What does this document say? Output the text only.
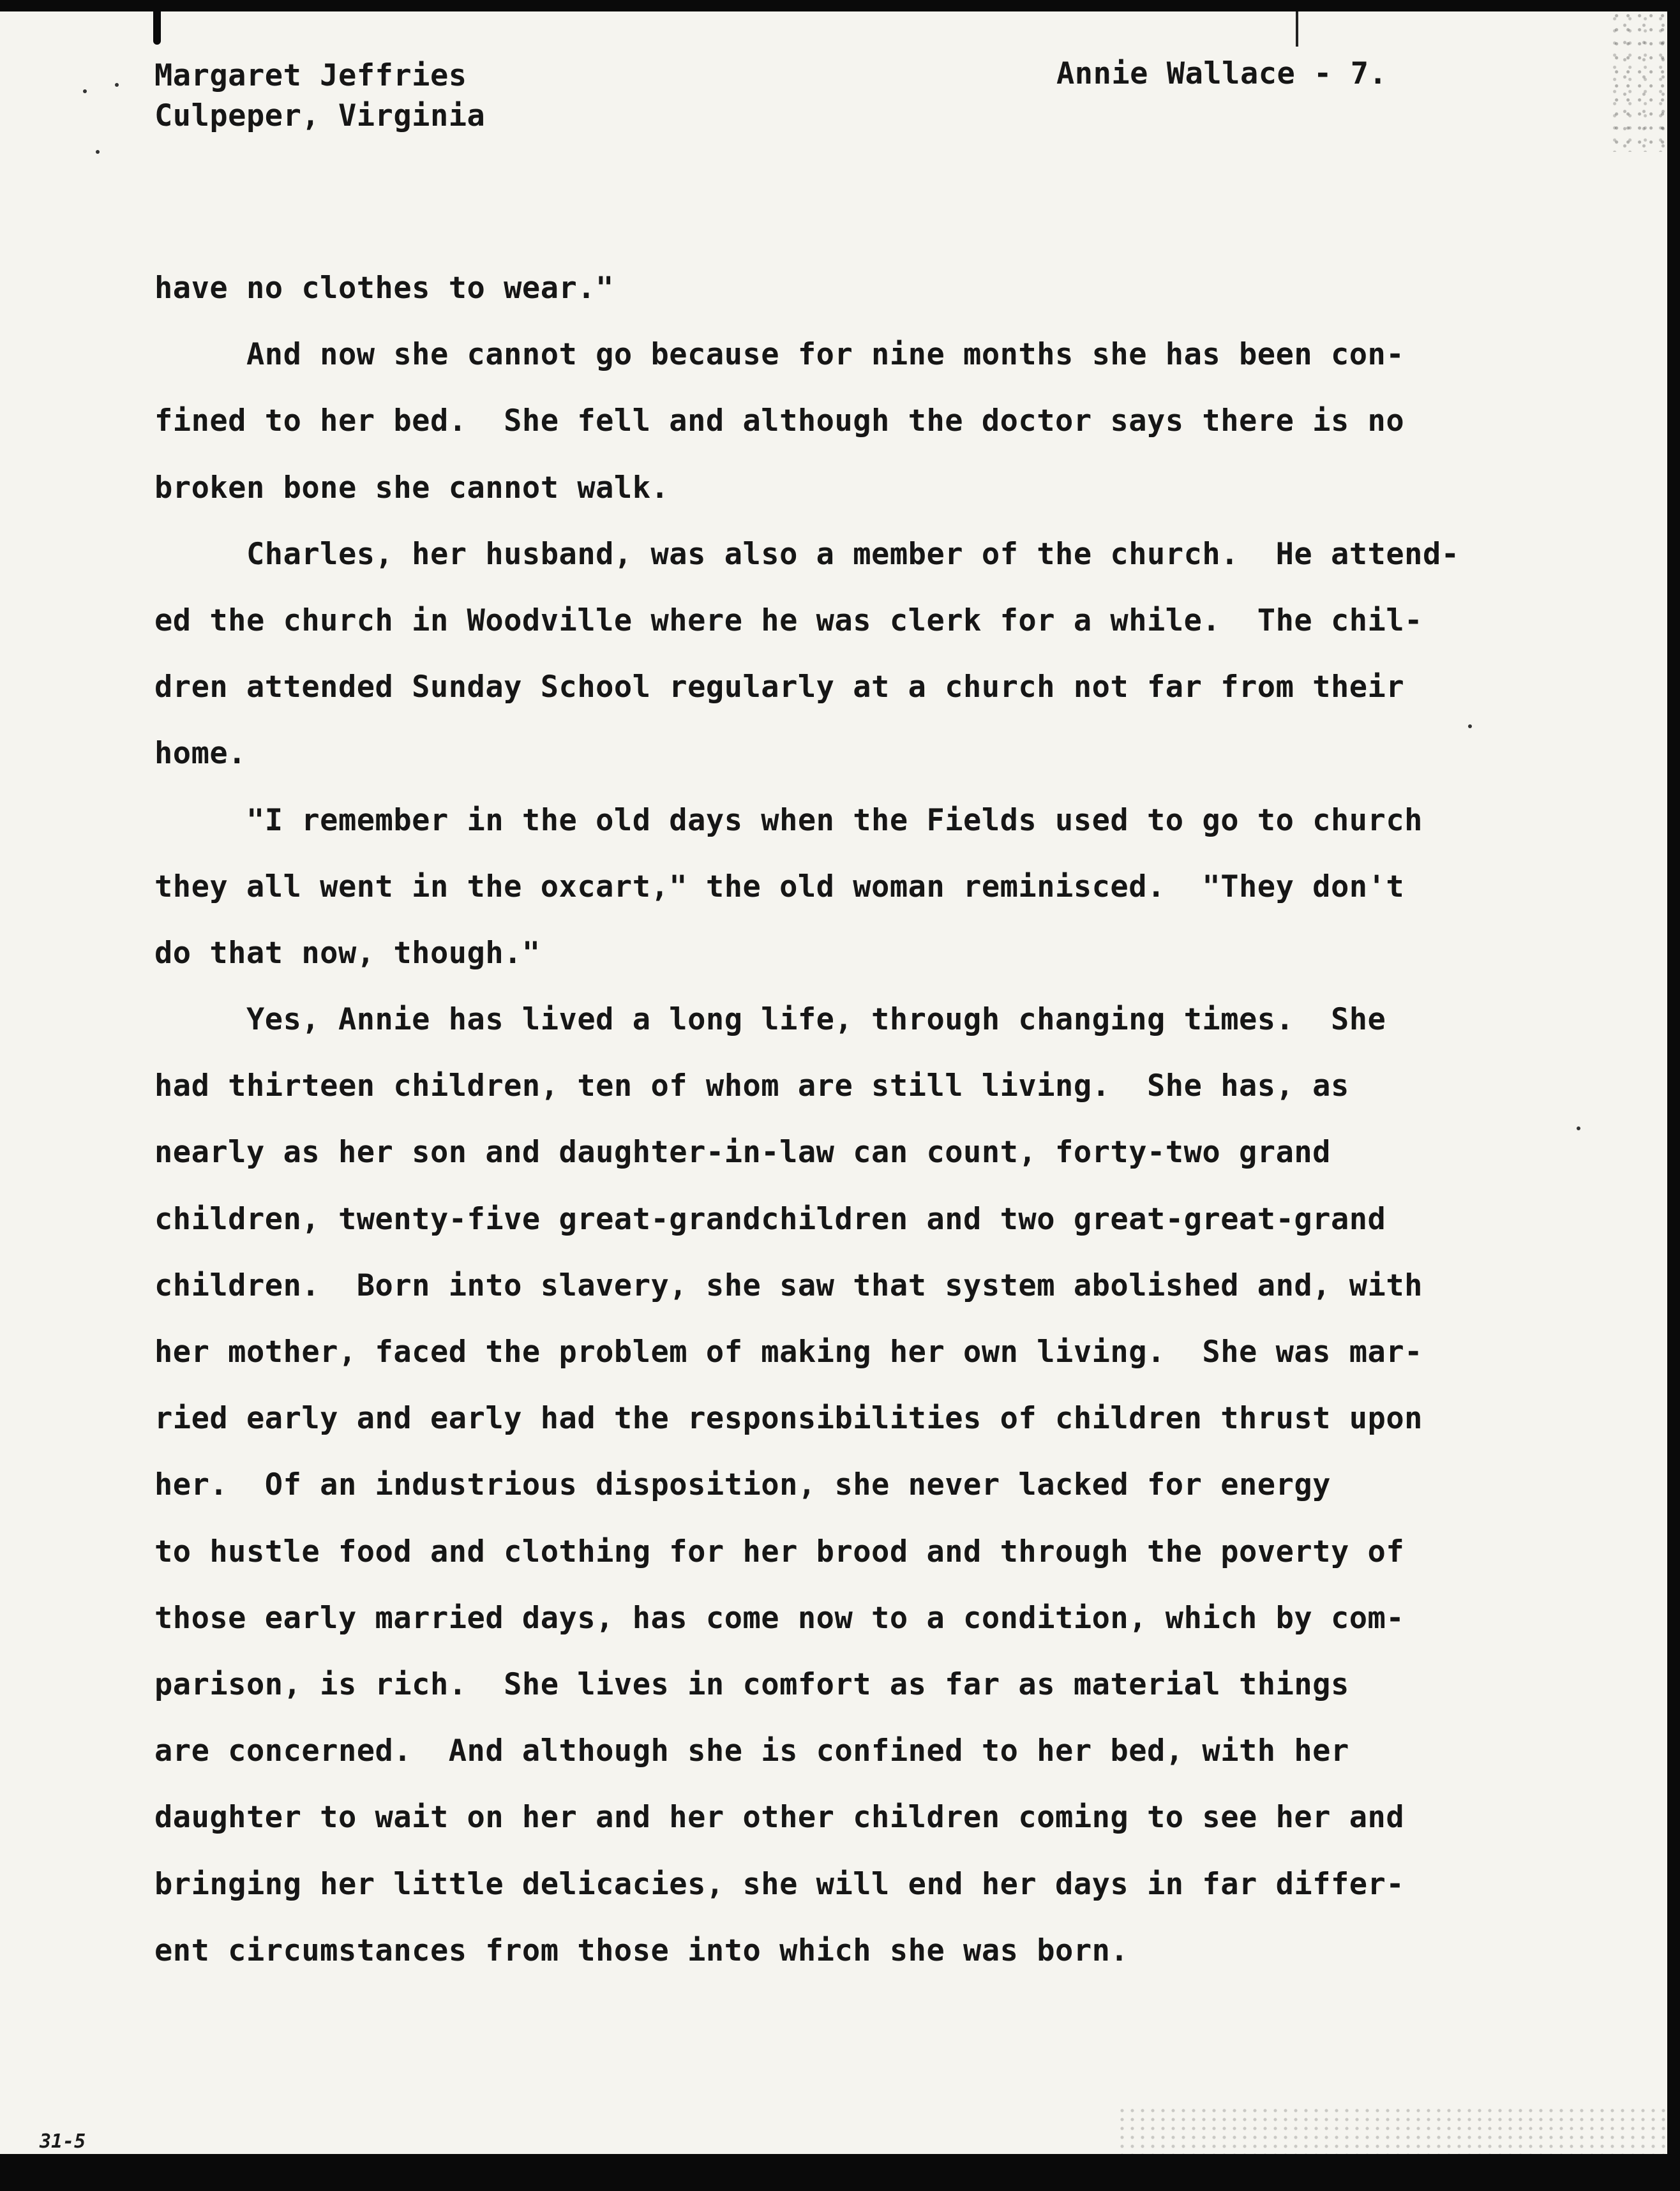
Margaret Jeffries
Culpeper, Virginia
Annie Wallace - 7.
have no clothes to wear."
And now she cannot go because for nine months she has been con-
fined to her bed.  She fell and although the doctor says there is no
broken bone she cannot walk.
Charles, her husband, was also a member of the church.  He attend-
ed the church in Woodville where he was clerk for a while.  The chil-
dren attended Sunday School regularly at a church not far from their
home.
"I remember in the old days when the Fields used to go to church
they all went in the oxcart," the old woman reminisced.  "They don't
do that now, though."
Yes, Annie has lived a long life, through changing times.  She
had thirteen children, ten of whom are still living.  She has, as
nearly as her son and daughter-in-law can count, forty-two grand
children, twenty-five great-grandchildren and two great-great-grand
children.  Born into slavery, she saw that system abolished and, with
her mother, faced the problem of making her own living.  She was mar-
ried early and early had the responsibilities of children thrust upon
her.  Of an industrious disposition, she never lacked for energy
to hustle food and clothing for her brood and through the poverty of
those early married days, has come now to a condition, which by com-
parison, is rich.  She lives in comfort as far as material things
are concerned.  And although she is confined to her bed, with her
daughter to wait on her and her other children coming to see her and
bringing her little delicacies, she will end her days in far differ-
ent circumstances from those into which she was born.
31-5
